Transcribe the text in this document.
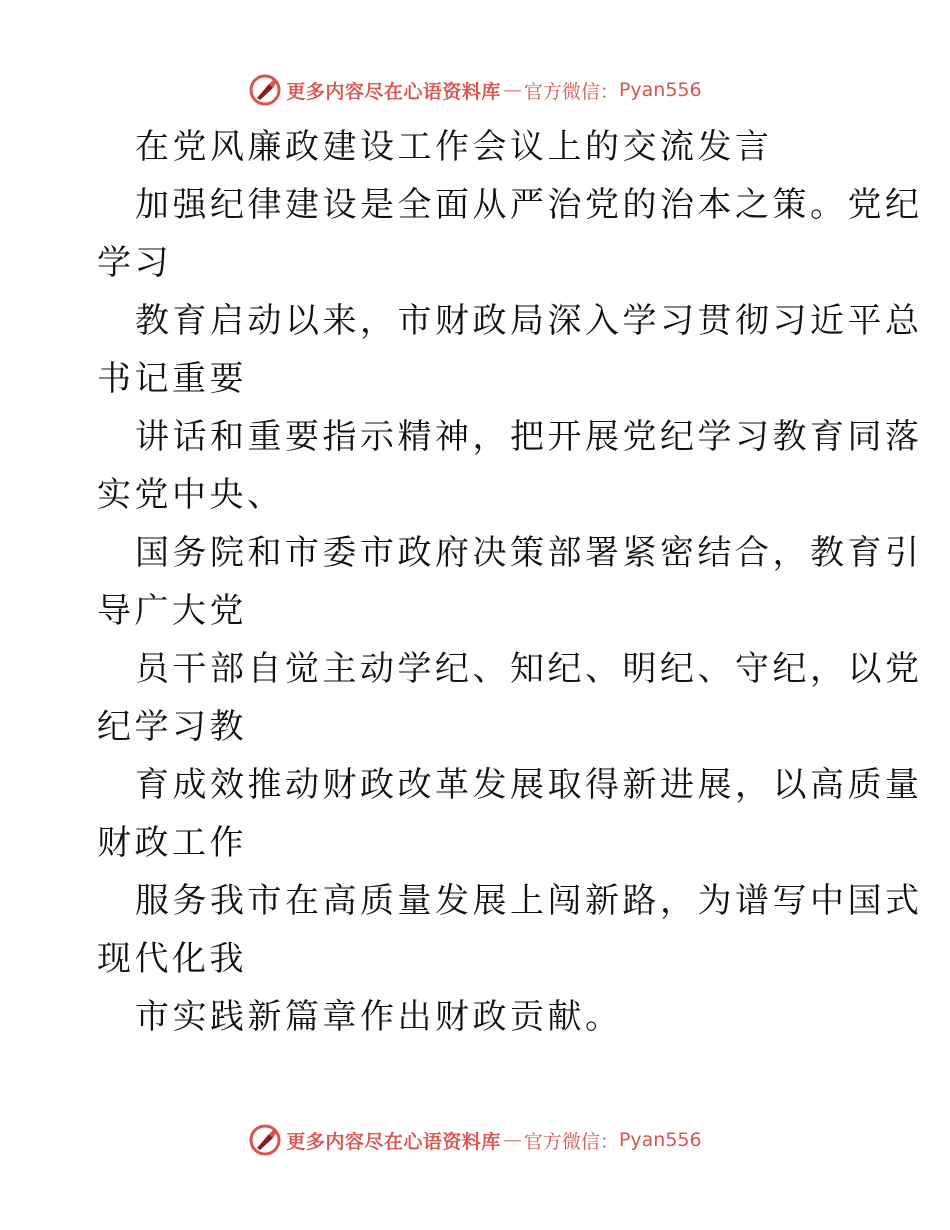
更多内容尽在心语资料库 — 官方微信： Pyan556

在党风廉政建设工作会议上的交流发言

加强纪律建设是全面从严治党的治本之策。党纪
学习

教育启动以来，市财政局深入学习贯彻习近平总
书记重要

讲话和重要指示精神，把开展党纪学习教育同落
实党中央、

国务院和市委市政府决策部署紧密结合，教育引
导广大党

员干部自觉主动学纪、知纪、明纪、守纪，以党
纪学习教

育成效推动财政改革发展取得新进展，以高质量
财政工作

服务我市在高质量发展上闯新路，为谱写中国式
现代化我

市实践新篇章作出财政贡献。

更多内容尽在心语资料库 — 官方微信： Pyan556
